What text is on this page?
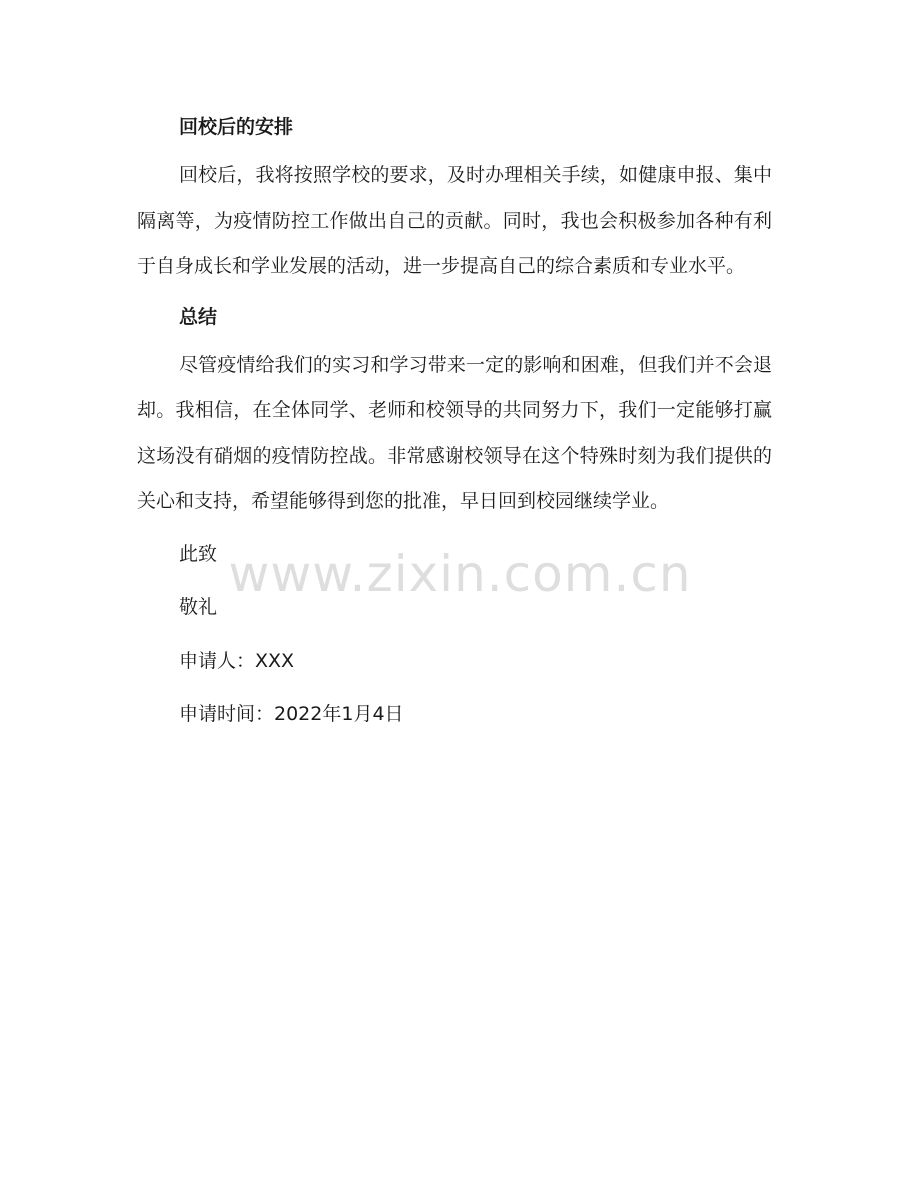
回校后的安排

回校后，我将按照学校的要求，及时办理相关手续，如健康申报、集中隔离等，为疫情防控工作做出自己的贡献。同时，我也会积极参加各种有利于自身成长和学业发展的活动，进一步提高自己的综合素质和专业水平。

总结

尽管疫情给我们的实习和学习带来一定的影响和困难，但我们并不会退却。我相信，在全体同学、老师和校领导的共同努力下，我们一定能够打赢这场没有硝烟的疫情防控战。非常感谢校领导在这个特殊时刻为我们提供的关心和支持，希望能够得到您的批准，早日回到校园继续学业。

此致

敬礼

申请人：XXX

申请时间：2022年1月4日

www.zixin.com.cn
